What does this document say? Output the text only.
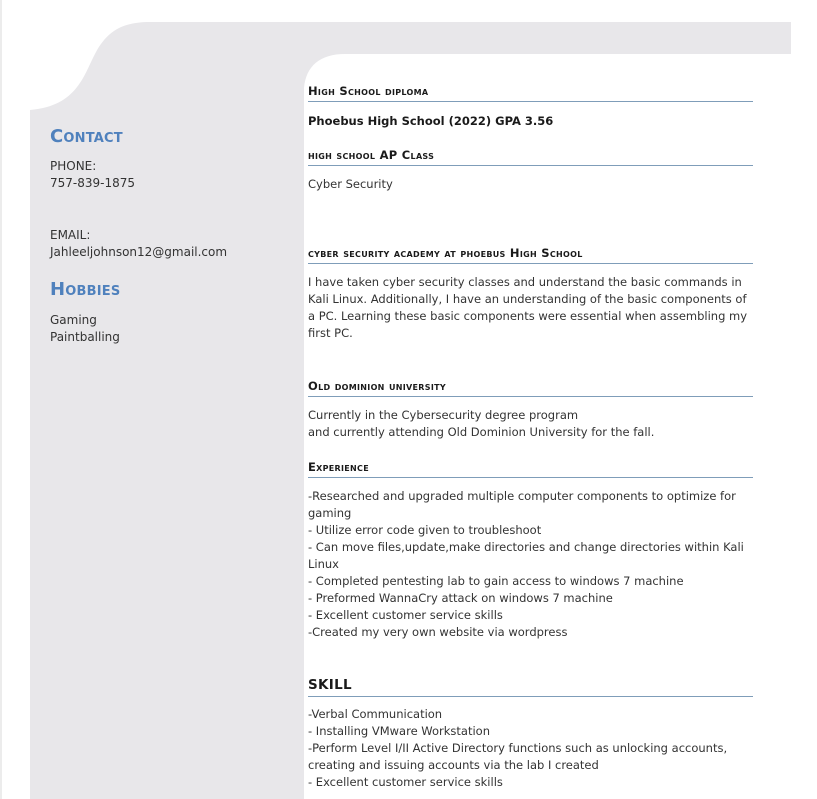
Contact
PHONE:
757-839-1875
EMAIL:
Jahleeljohnson12@gmail.com
Hobbies
Gaming
Paintballing
High School diploma
Phoebus High School (2022) GPA 3.56
high school AP Class
Cyber Security
cyber security academy at phoebus High School
I have taken cyber security classes and understand the basic commands in Kali Linux. Additionally, I have an understanding of the basic components of a PC. Learning these basic components were essential when assembling my first PC.
Old dominion university
Currently in the Cybersecurity degree program
and currently attending Old Dominion University for the fall.
Experience
-Researched and upgraded multiple computer components to optimize for
gaming
- Utilize error code given to troubleshoot
- Can move files,update,make directories and change directories within Kali
Linux
- Completed pentesting lab to gain access to windows 7 machine
- Preformed WannaCry attack on windows 7 machine
- Excellent customer service skills
-Created my very own website via wordpress
SKILL
-Verbal Communication
- Installing VMware Workstation
-Perform Level I/II Active Directory functions such as unlocking accounts,
creating and issuing accounts via the lab I created
- Excellent customer service skills
